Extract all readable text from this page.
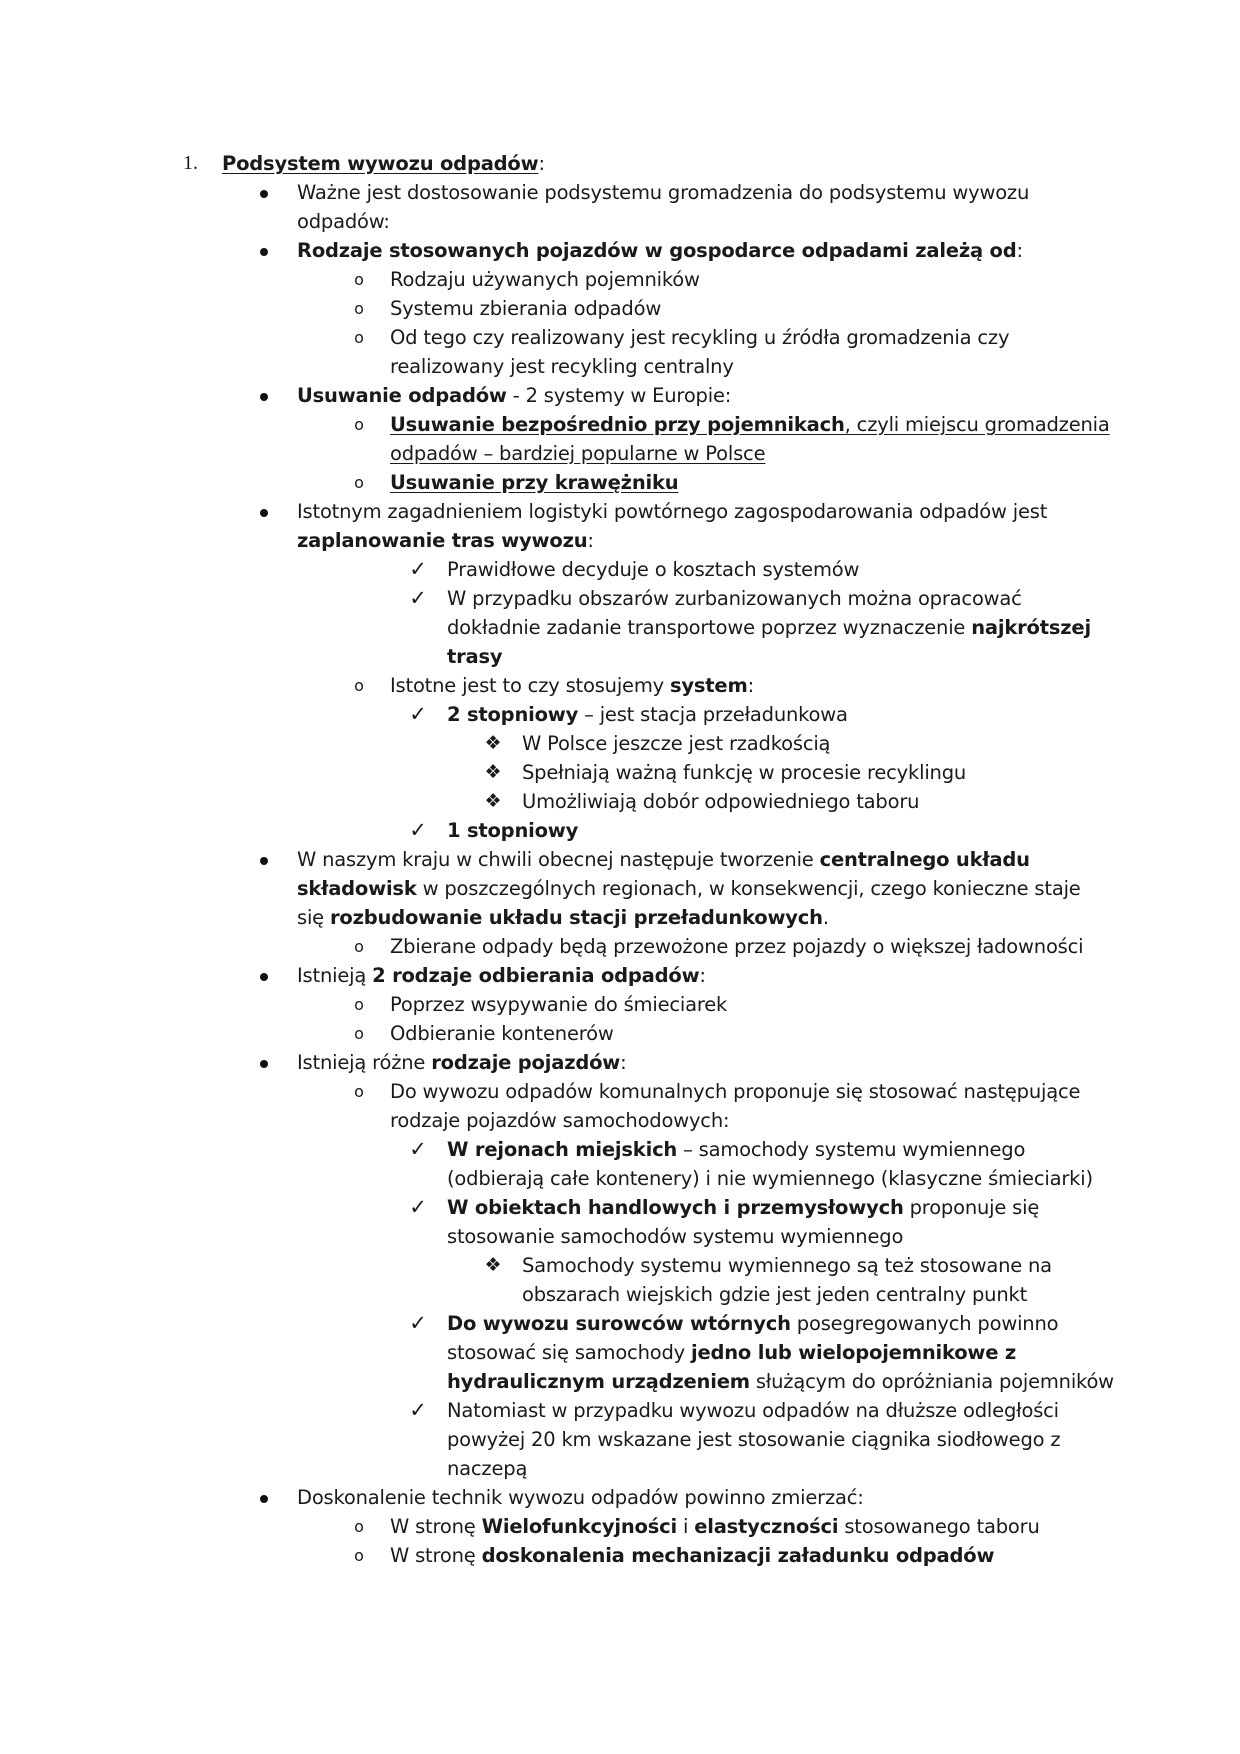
1.	Podsystem wywozu odpadów:
Ważne jest dostosowanie podsystemu gromadzenia do podsystemu wywozu
odpadów:
Rodzaje stosowanych pojazdów w gospodarce odpadami zależą od:
o	Rodzaju używanych pojemników
o	Systemu zbierania odpadów
o	Od tego czy realizowany jest recykling u źródła gromadzenia czy
realizowany jest recykling centralny
Usuwanie odpadów - 2 systemy w Europie:
o	Usuwanie bezpośrednio przy pojemnikach, czyli miejscu gromadzenia
odpadów – bardziej popularne w Polsce
o	Usuwanie przy krawężniku
Istotnym zagadnieniem logistyki powtórnego zagospodarowania odpadów jest
zaplanowanie tras wywozu:
✓ Prawidłowe decyduje o kosztach systemów
✓ W przypadku obszarów zurbanizowanych można opracować
dokładnie zadanie transportowe poprzez wyznaczenie najkrótszej
trasy
o	Istotne jest to czy stosujemy system:
✓ 2 stopniowy – jest stacja przeładunkowa
❖ W Polsce jeszcze jest rzadkością
❖ Spełniają ważną funkcję w procesie recyklingu
❖ Umożliwiają dobór odpowiedniego taboru
✓ 1 stopniowy
W naszym kraju w chwili obecnej następuje tworzenie centralnego układu
składowisk w poszczególnych regionach, w konsekwencji, czego konieczne staje
się rozbudowanie układu stacji przeładunkowych.
o	Zbierane odpady będą przewożone przez pojazdy o większej ładowności
Istnieją 2 rodzaje odbierania odpadów:
o	Poprzez wsypywanie do śmieciarek
o	Odbieranie kontenerów
Istnieją różne rodzaje pojazdów:
o	Do wywozu odpadów komunalnych proponuje się stosować następujące
rodzaje pojazdów samochodowych:
✓ W rejonach miejskich – samochody systemu wymiennego
(odbierają całe kontenery) i nie wymiennego (klasyczne śmieciarki)
✓ W obiektach handlowych i przemysłowych proponuje się
stosowanie samochodów systemu wymiennego
❖ Samochody systemu wymiennego są też stosowane na
obszarach wiejskich gdzie jest jeden centralny punkt
✓ Do wywozu surowców wtórnych posegregowanych powinno
stosować się samochody jedno lub wielopojemnikowe z
hydraulicznym urządzeniem służącym do opróżniania pojemników
✓ Natomiast w przypadku wywozu odpadów na dłuższe odległości
powyżej 20 km wskazane jest stosowanie ciągnika siodłowego z
naczepą
Doskonalenie technik wywozu odpadów powinno zmierzać:
o	W stronę Wielofunkcyjności i elastyczności stosowanego taboru
o	W stronę doskonalenia mechanizacji załadunku odpadów
